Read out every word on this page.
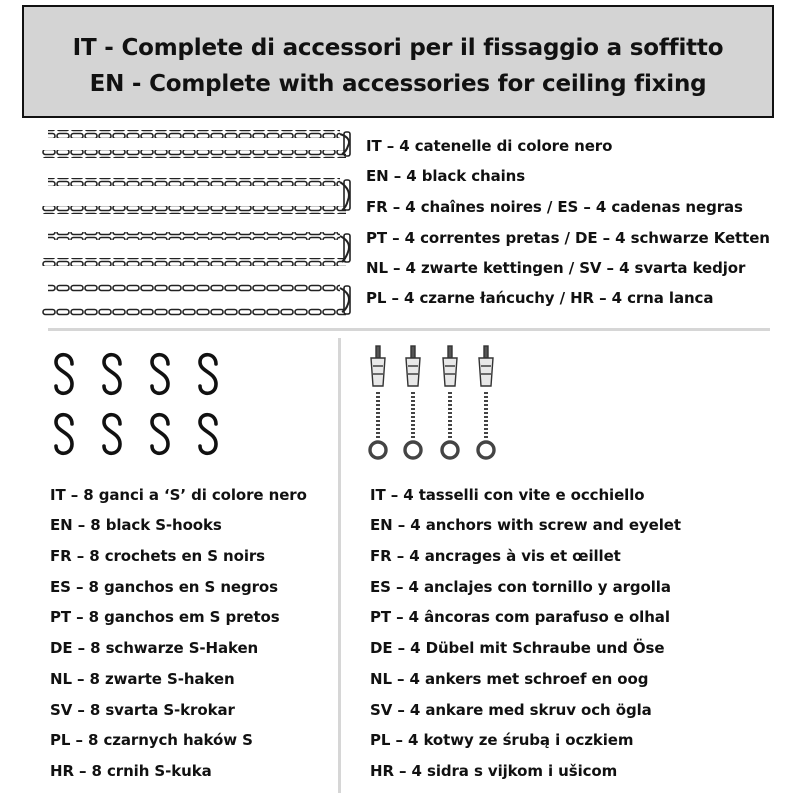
IT - Complete di accessori per il fissaggio a soffitto
EN - Complete with accessories for ceiling fixing
IT – 4 catenelle di colore nero
EN – 4 black chains
FR – 4 chaînes noires / ES – 4 cadenas negras
PT – 4 correntes pretas / DE – 4 schwarze Ketten
NL – 4 zwarte kettingen / SV – 4 svarta kedjor
PL – 4 czarne łańcuchy / HR – 4 crna lanca
IT – 8 ganci a ‘S’ di colore nero
EN – 8 black S-hooks
FR – 8 crochets en S noirs
ES – 8 ganchos en S negros
PT – 8 ganchos em S pretos
DE – 8 schwarze S-Haken
NL – 8 zwarte S-haken
SV – 8 svarta S-krokar
PL – 8 czarnych haków S
HR – 8 crnih S-kuka
IT – 4 tasselli con vite e occhiello
EN – 4 anchors with screw and eyelet
FR – 4 ancrages à vis et œillet
ES – 4 anclajes con tornillo y argolla
PT – 4 âncoras com parafuso e olhal
DE – 4 Dübel mit Schraube und Öse
NL – 4 ankers met schroef en oog
SV – 4 ankare med skruv och ögla
PL – 4 kotwy ze śrubą i oczkiem
HR – 4 sidra s vijkom i ušicom
